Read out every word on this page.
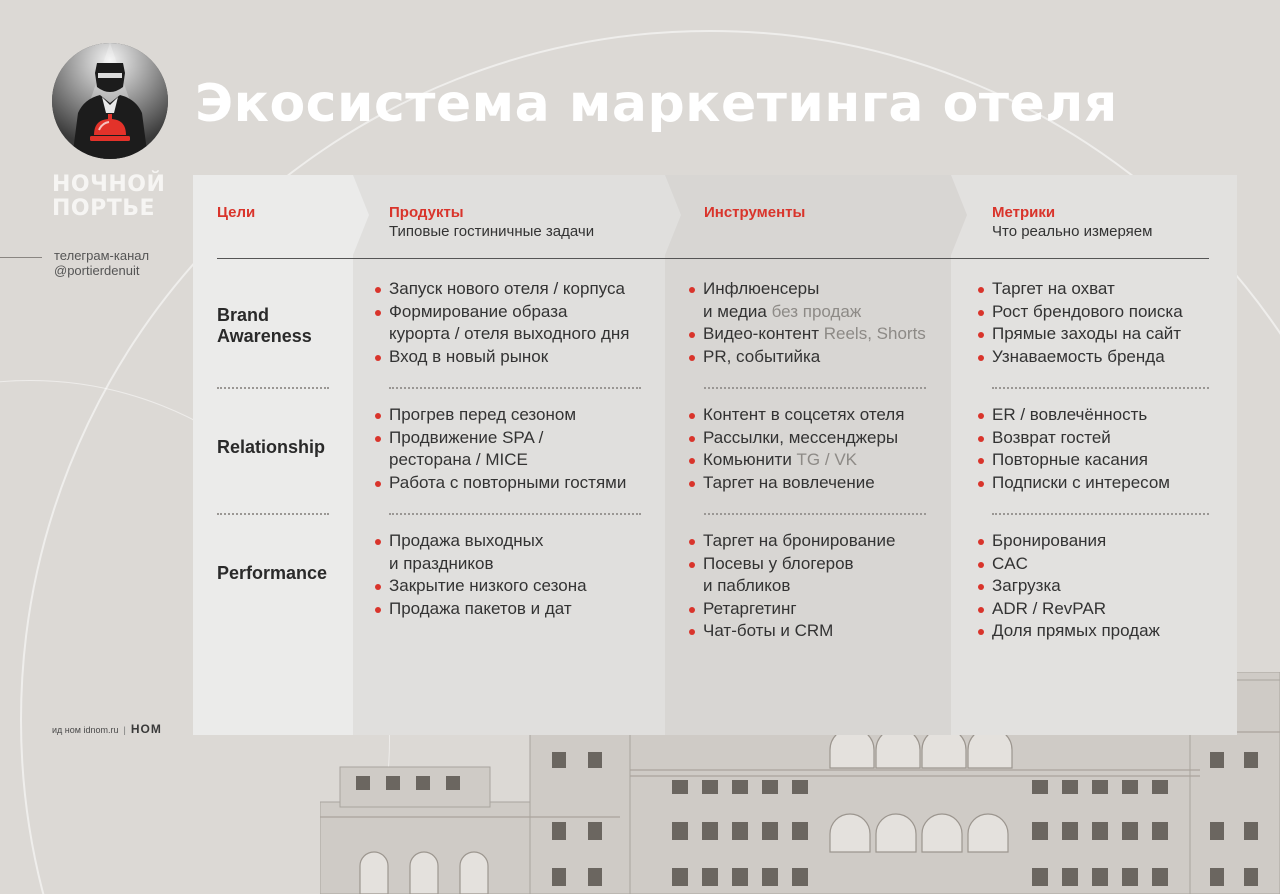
НОЧНОЙ
ПОРТЬЕ
телеграм-канал
@portierdenuit
ид ном idnom.ru | НОМ
Экосистема маркетинга отеля
Цели	Продукты
Типовые гостиничные задачи
Инструменты	Метрики
Что реально измеряем
Brand
Awareness
Запуск нового отеля / корпуса
Формирование образа
курорта / отеля выходного дня
Вход в новый рынок
Инфлюенсеры
и медиа без продаж
Видео-контент Reels, Shorts
PR, событийка
Таргет на охват
Рост брендового поиска
Прямые заходы на сайт
Узнаваемость бренда
Relationship
Прогрев перед сезоном
Продвижение SPA /
ресторана / MICE
Работа с повторными гостями
Контент в соцсетях отеля
Рассылки, мессенджеры
Комьюнити TG / VK
Таргет на вовлечение
ER / вовлечённость
Возврат гостей
Повторные касания
Подписки с интересом
Performance
Продажа выходных
и праздников
Закрытие низкого сезона
Продажа пакетов и дат
Таргет на бронирование
Посевы у блогеров
и пабликов
Ретаргетинг
Чат-боты и CRM
Бронирования
CAC
Загрузка
ADR / RevPAR
Доля прямых продаж
